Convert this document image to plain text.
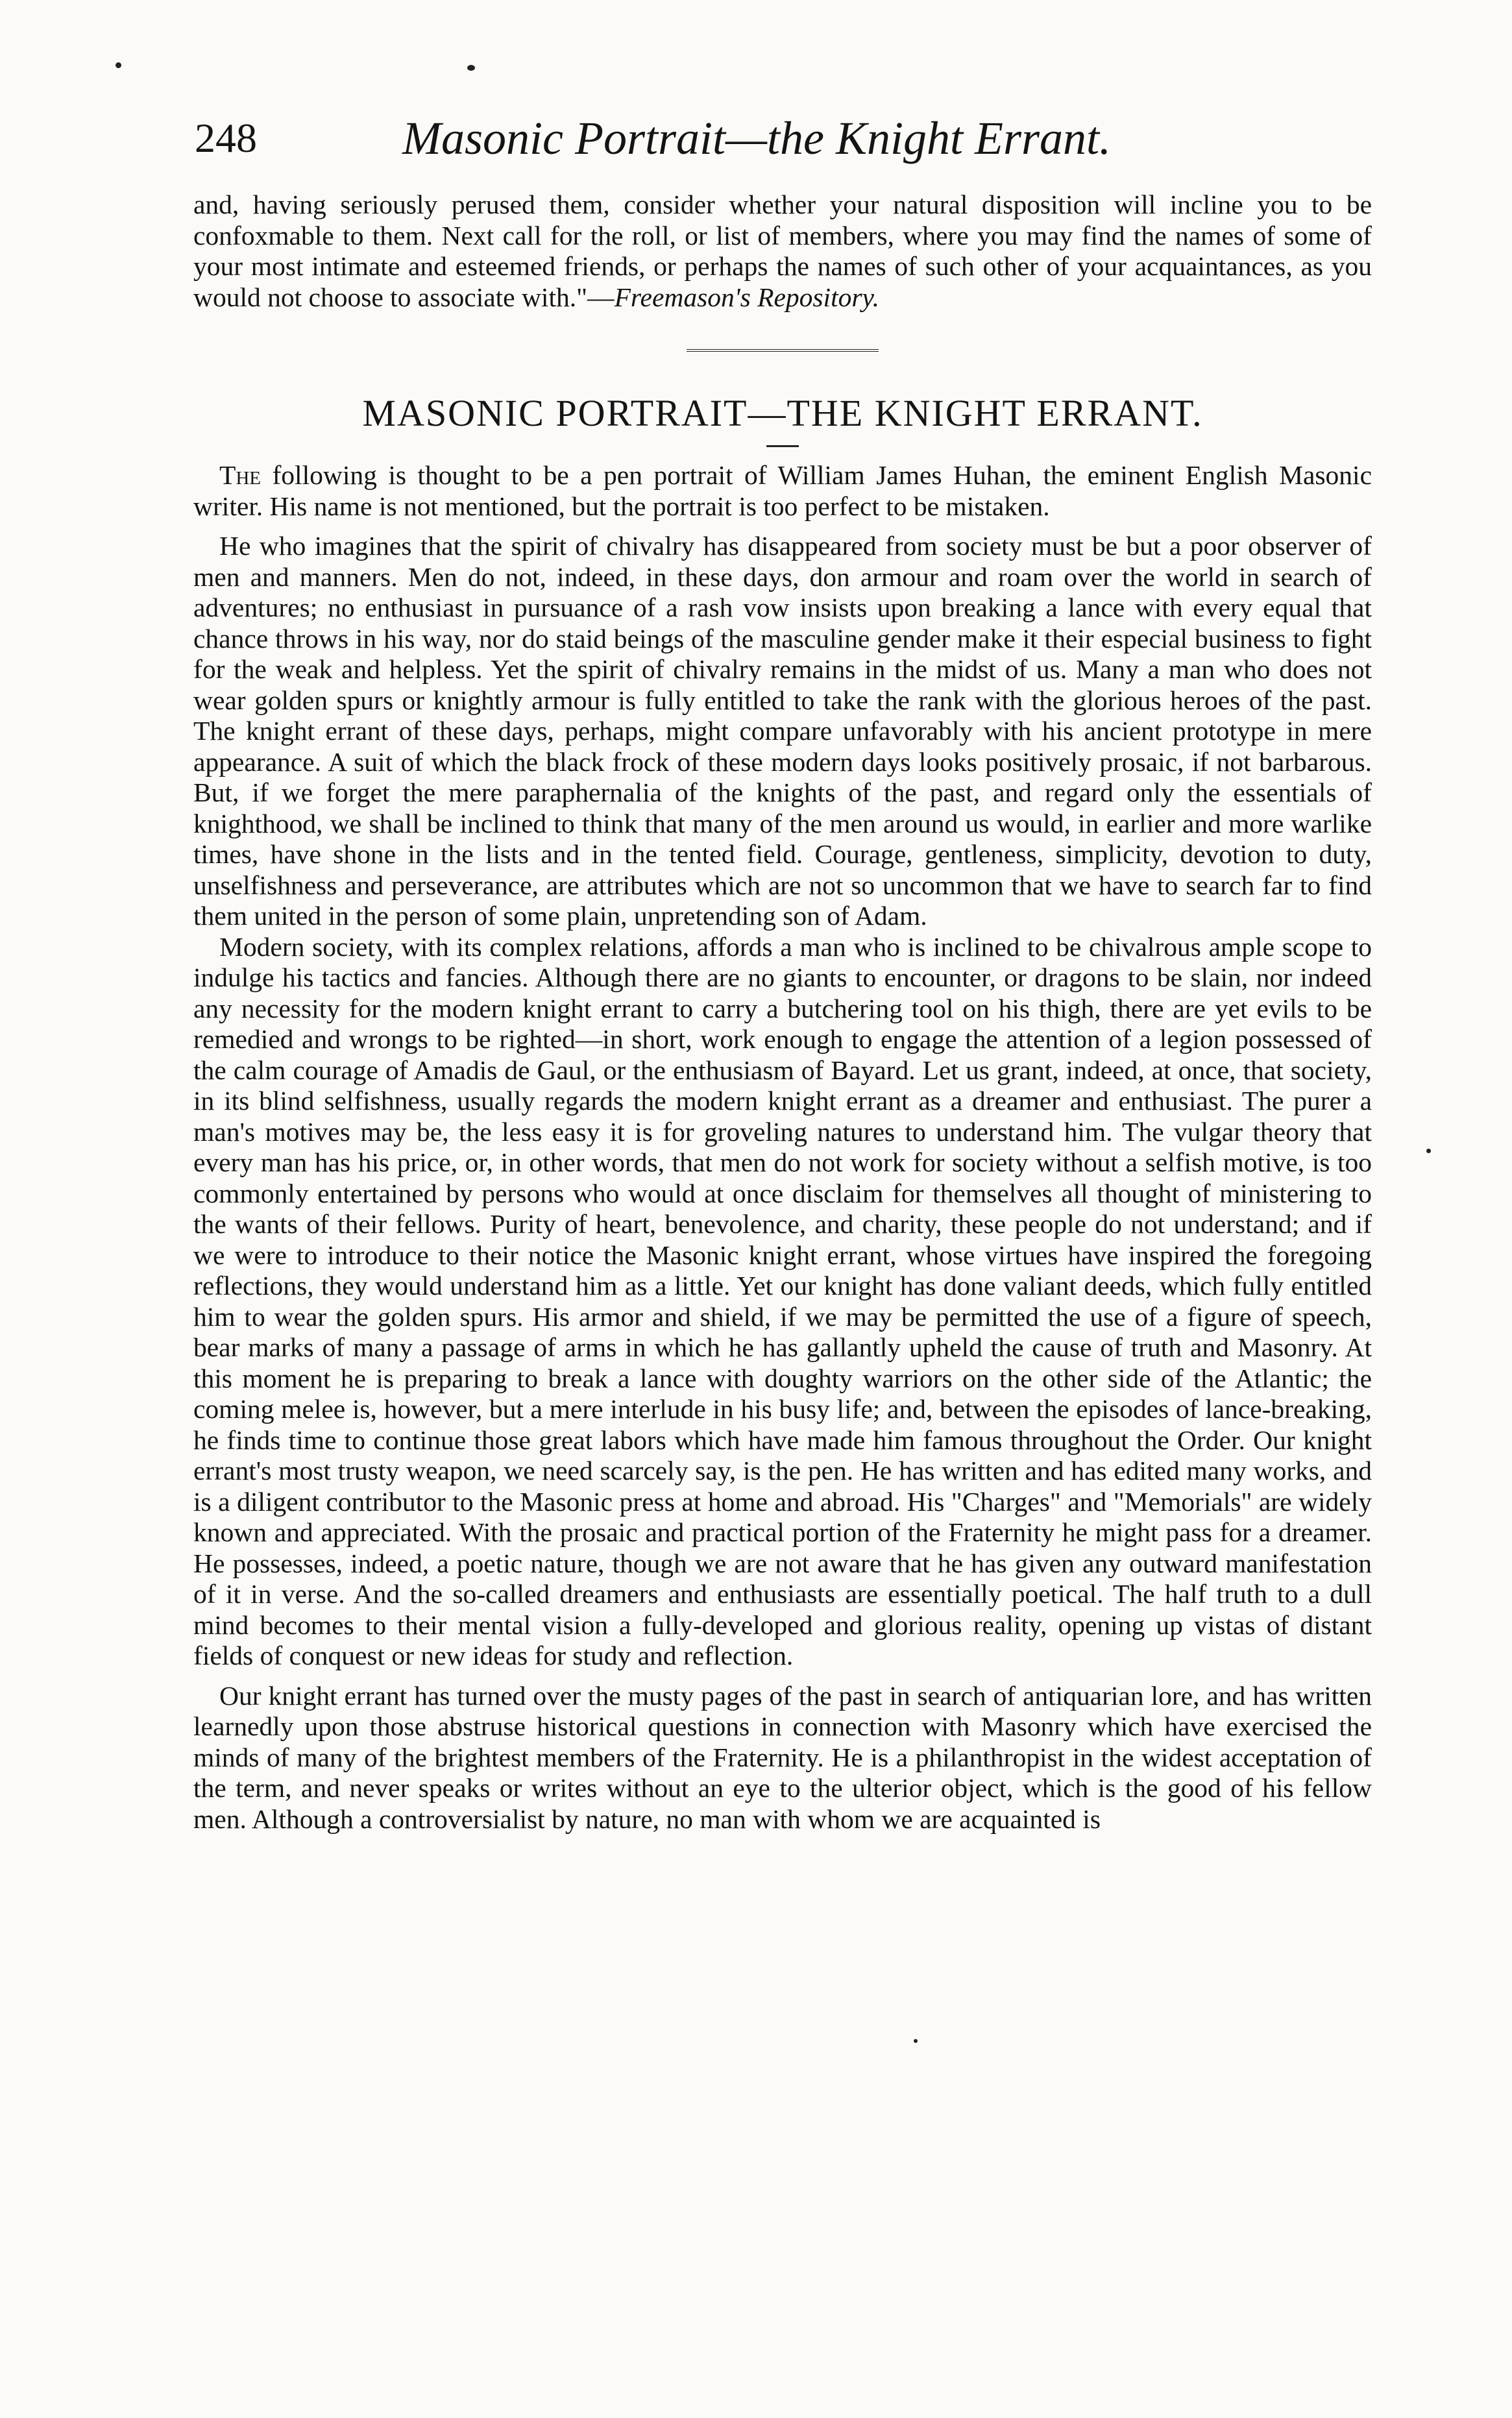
248	Masonic Portrait—the Knight Errant.

and, having seriously perused them, consider whether your natural disposition will incline you to be confoxmable to them. Next call for the roll, or list of members, where you may find the names of some of your most intimate and esteemed friends, or perhaps the names of such other of your acquaintances, as you would not choose to associate with."—Freemason's Repository.

MASONIC PORTRAIT—THE KNIGHT ERRANT.

The following is thought to be a pen portrait of William James Huhan, the eminent English Masonic writer. His name is not mentioned, but the portrait is too perfect to be mistaken.

He who imagines that the spirit of chivalry has disappeared from society must be but a poor observer of men and manners. Men do not, indeed, in these days, don armour and roam over the world in search of adventures; no enthusiast in pursuance of a rash vow insists upon breaking a lance with every equal that chance throws in his way, nor do staid beings of the masculine gender make it their especial business to fight for the weak and helpless. Yet the spirit of chivalry remains in the midst of us. Many a man who does not wear golden spurs or knightly armour is fully entitled to take the rank with the glorious heroes of the past. The knight errant of these days, perhaps, might compare unfavorably with his ancient prototype in mere appearance. A suit of which the black frock of these modern days looks positively prosaic, if not barbarous. But, if we forget the mere paraphernalia of the knights of the past, and regard only the essentials of knighthood, we shall be inclined to think that many of the men around us would, in earlier and more warlike times, have shone in the lists and in the tented field. Courage, gentleness, simplicity, devotion to duty, unselfishness and perseverance, are attributes which are not so uncommon that we have to search far to find them united in the person of some plain, unpretending son of Adam.

Modern society, with its complex relations, affords a man who is inclined to be chivalrous ample scope to indulge his tactics and fancies. Although there are no giants to encounter, or dragons to be slain, nor indeed any necessity for the modern knight errant to carry a butchering tool on his thigh, there are yet evils to be remedied and wrongs to be righted—in short, work enough to engage the attention of a legion possessed of the calm courage of Amadis de Gaul, or the enthusiasm of Bayard. Let us grant, indeed, at once, that society, in its blind selfishness, usually regards the modern knight errant as a dreamer and enthusiast. The purer a man's motives may be, the less easy it is for groveling natures to understand him. The vulgar theory that every man has his price, or, in other words, that men do not work for society without a selfish motive, is too commonly entertained by persons who would at once disclaim for themselves all thought of ministering to the wants of their fellows. Purity of heart, benevolence, and charity, these people do not understand; and if we were to introduce to their notice the Masonic knight errant, whose virtues have inspired the foregoing reflections, they would understand him as a little. Yet our knight has done valiant deeds, which fully entitled him to wear the golden spurs. His armor and shield, if we may be permitted the use of a figure of speech, bear marks of many a passage of arms in which he has gallantly upheld the cause of truth and Masonry. At this moment he is preparing to break a lance with doughty warriors on the other side of the Atlantic; the coming melee is, however, but a mere interlude in his busy life; and, between the episodes of lance-breaking, he finds time to continue those great labors which have made him famous throughout the Order. Our knight errant's most trusty weapon, we need scarcely say, is the pen. He has written and has edited many works, and is a diligent contributor to the Masonic press at home and abroad. His "Charges" and "Memorials" are widely known and appreciated. With the prosaic and practical portion of the Fraternity he might pass for a dreamer. He possesses, indeed, a poetic nature, though we are not aware that he has given any outward manifestation of it in verse. And the so-called dreamers and enthusiasts are essentially poetical. The half truth to a dull mind becomes to their mental vision a fully-developed and glorious reality, opening up vistas of distant fields of conquest or new ideas for study and reflection.

Our knight errant has turned over the musty pages of the past in search of antiquarian lore, and has written learnedly upon those abstruse historical questions in connection with Masonry which have exercised the minds of many of the brightest members of the Fraternity. He is a philanthropist in the widest acceptation of the term, and never speaks or writes without an eye to the ulterior object, which is the good of his fellow men. Although a controversialist by nature, no man with whom we are acquainted is
